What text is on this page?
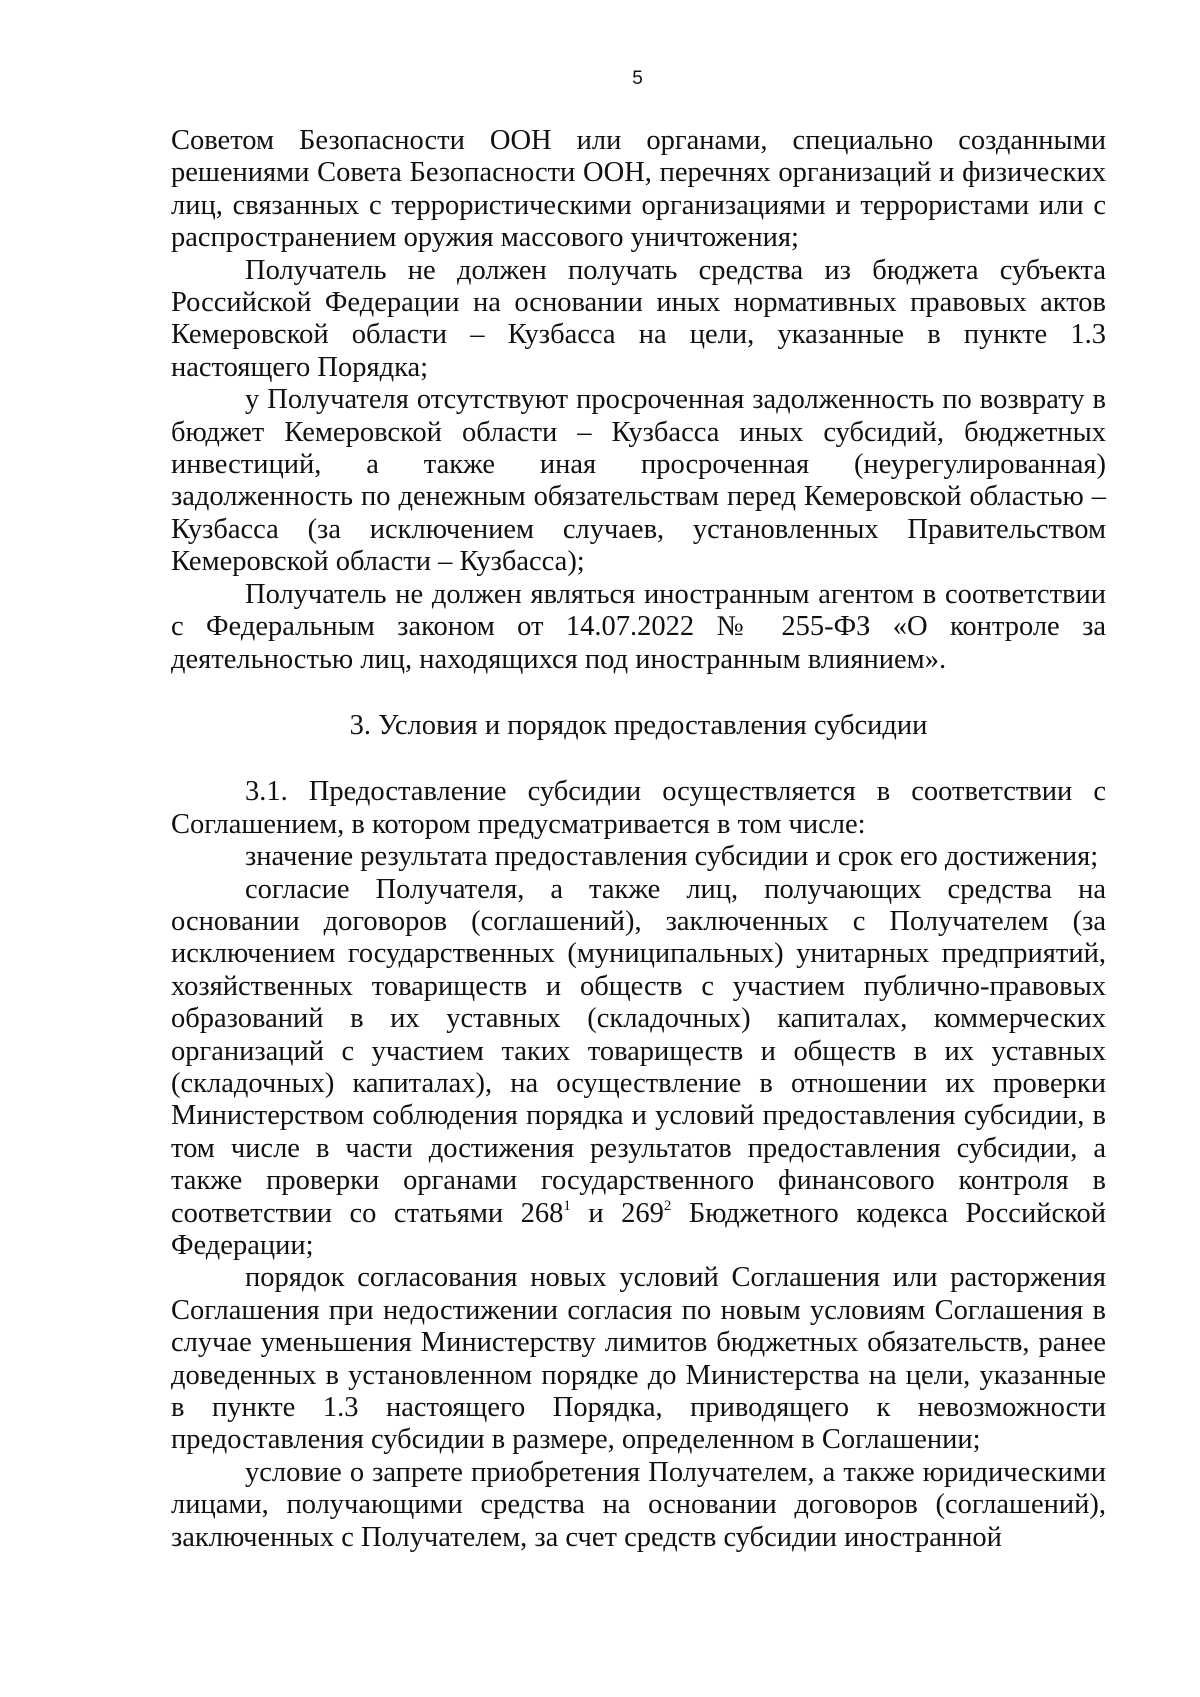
5

Советом Безопасности ООН или органами, специально созданными решениями Совета Безопасности ООН, перечнях организаций и физических лиц, связанных с террористическими организациями и террористами или с распространением оружия массового уничтожения;

Получатель не должен получать средства из бюджета субъекта Российской Федерации на основании иных нормативных правовых актов Кемеровской области – Кузбасса на цели, указанные в пункте 1.3 настоящего Порядка;

у Получателя отсутствуют просроченная задолженность по возврату в бюджет Кемеровской области – Кузбасса иных субсидий, бюджетных инвестиций, а также иная просроченная (неурегулированная) задолженность по денежным обязательствам перед Кемеровской областью – Кузбасса (за исключением случаев, установленных Правительством Кемеровской области – Кузбасса);

Получатель не должен являться иностранным агентом в соответствии с Федеральным законом от 14.07.2022 № 255-ФЗ «О контроле за деятельностью лиц, находящихся под иностранным влиянием».

3. Условия и порядок предоставления субсидии

3.1. Предоставление субсидии осуществляется в соответствии с Соглашением, в котором предусматривается в том числе:

значение результата предоставления субсидии и срок его достижения;

согласие Получателя, а также лиц, получающих средства на основании договоров (соглашений), заключенных с Получателем (за исключением государственных (муниципальных) унитарных предприятий, хозяйственных товариществ и обществ с участием публично-правовых образований в их уставных (складочных) капиталах, коммерческих организаций с участием таких товариществ и обществ в их уставных (складочных) капиталах), на осуществление в отношении их проверки Министерством соблюдения порядка и условий предоставления субсидии, в том числе в части достижения результатов предоставления субсидии, а также проверки органами государственного финансового контроля в соответствии со статьями $268^1$ и $269^2$ Бюджетного кодекса Российской Федерации;

порядок согласования новых условий Соглашения или расторжения Соглашения при недостижении согласия по новым условиям Соглашения в случае уменьшения Министерству лимитов бюджетных обязательств, ранее доведенных в установленном порядке до Министерства на цели, указанные в пункте 1.3 настоящего Порядка, приводящего к невозможности предоставления субсидии в размере, определенном в Соглашении;

условие о запрете приобретения Получателем, а также юридическими лицами, получающими средства на основании договоров (соглашений), заключенных с Получателем, за счет средств субсидии иностранной
